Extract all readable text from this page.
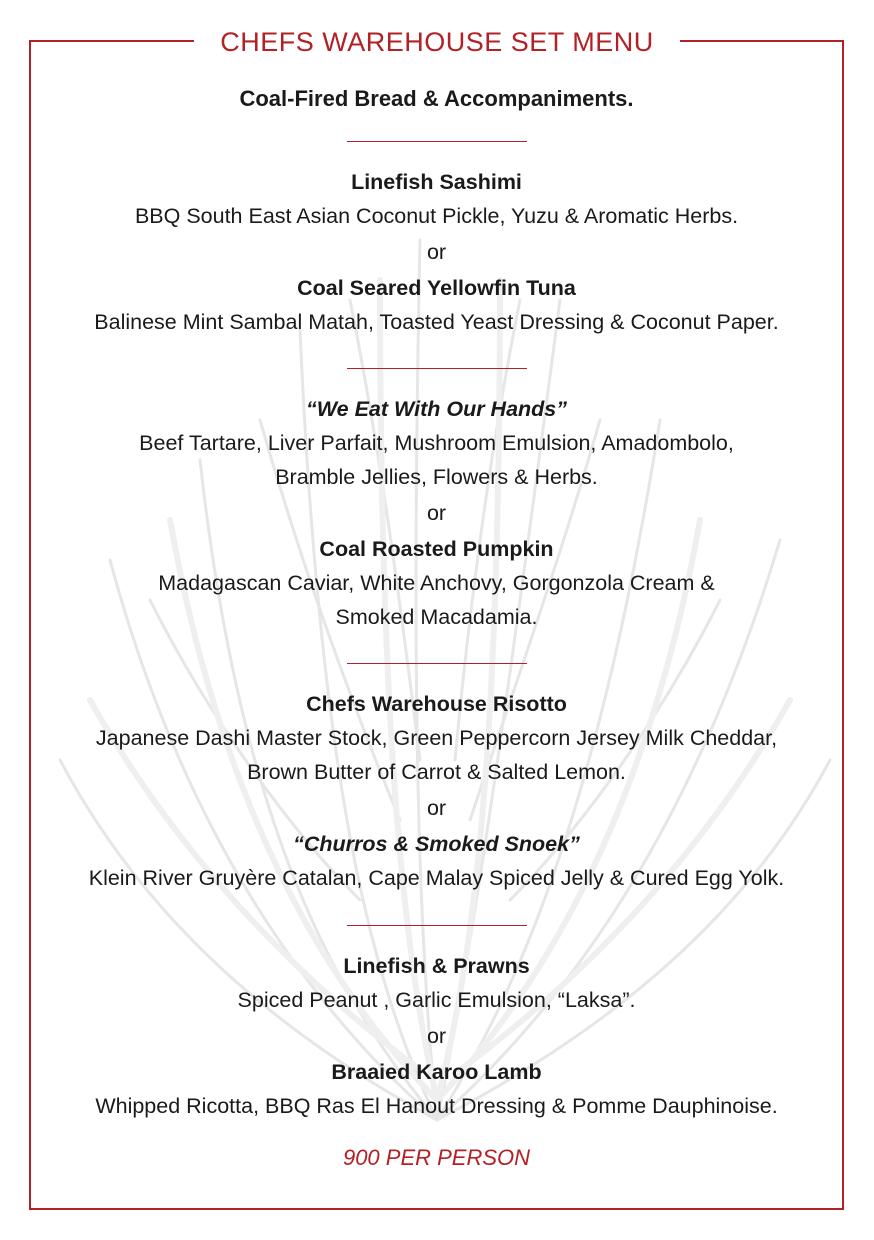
CHEFS WAREHOUSE SET MENU
Coal-Fired Bread & Accompaniments.
Linefish Sashimi
BBQ South East Asian Coconut Pickle, Yuzu & Aromatic Herbs.
or
Coal Seared Yellowfin Tuna
Balinese Mint Sambal Matah, Toasted Yeast Dressing & Coconut Paper.
“We Eat With Our Hands”
Beef Tartare, Liver Parfait, Mushroom Emulsion, Amadombolo,
Bramble Jellies, Flowers & Herbs.
or
Coal Roasted Pumpkin
Madagascan Caviar, White Anchovy, Gorgonzola Cream &
Smoked Macadamia.
Chefs Warehouse Risotto
Japanese Dashi Master Stock, Green Peppercorn Jersey Milk Cheddar,
Brown Butter of Carrot & Salted Lemon.
or
“Churros & Smoked Snoek”
Klein River Gruyère Catalan, Cape Malay Spiced Jelly & Cured Egg Yolk.
Linefish & Prawns
Spiced Peanut , Garlic Emulsion, “Laksa”.
or
Braaied Karoo Lamb
Whipped Ricotta, BBQ Ras El Hanout Dressing & Pomme Dauphinoise.
900 PER PERSON
